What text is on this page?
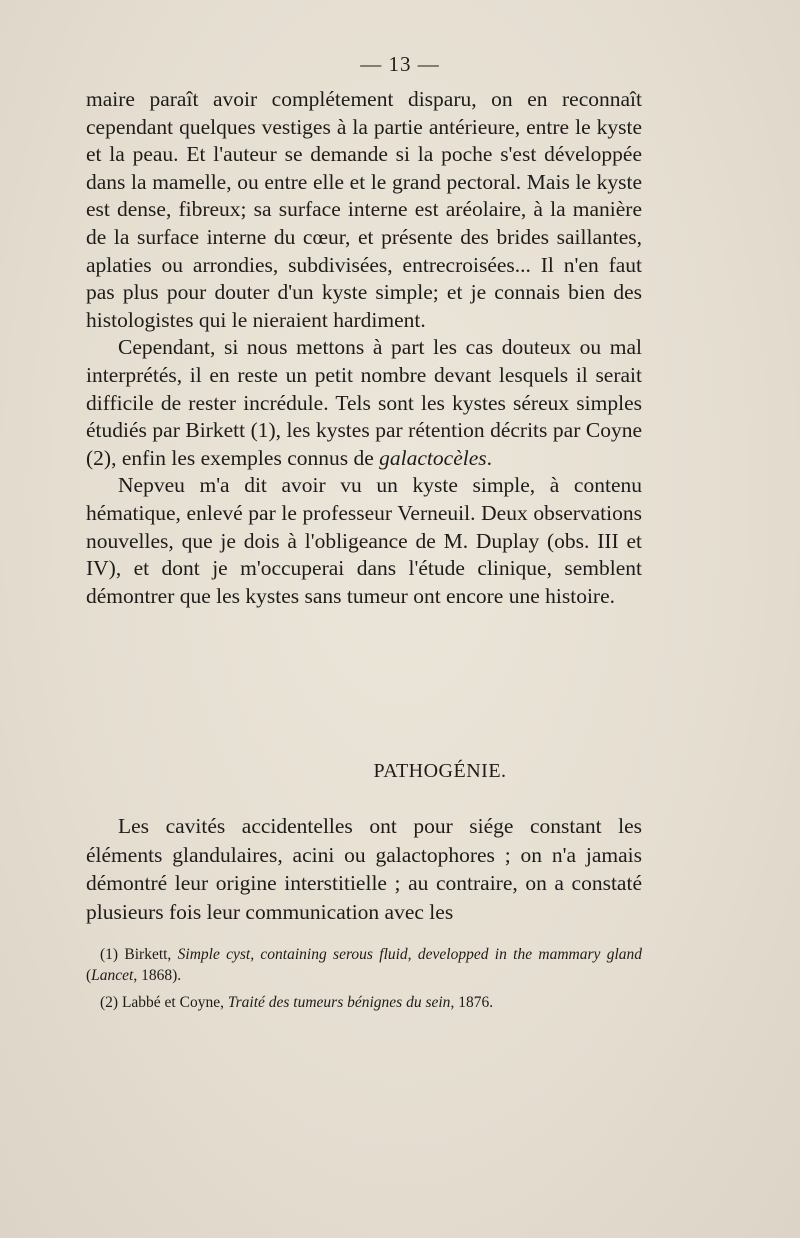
— 13 —

maire paraît avoir complétement disparu, on en reconnaît cependant quelques vestiges à la partie antérieure, entre le kyste et la peau. Et l'auteur se demande si la poche s'est développée dans la mamelle, ou entre elle et le grand pectoral. Mais le kyste est dense, fibreux; sa surface interne est aréolaire, à la manière de la surface interne du cœur, et présente des brides saillantes, aplaties ou arrondies, subdivisées, entrecroisées... Il n'en faut pas plus pour douter d'un kyste simple; et je connais bien des histologistes qui le nieraient hardiment.

Cependant, si nous mettons à part les cas douteux ou mal interprétés, il en reste un petit nombre devant lesquels il serait difficile de rester incrédule. Tels sont les kystes séreux simples étudiés par Birkett (1), les kystes par rétention décrits par Coyne (2), enfin les exemples connus de galactocèles.

Nepveu m'a dit avoir vu un kyste simple, à contenu hématique, enlevé par le professeur Verneuil. Deux observations nouvelles, que je dois à l'obligeance de M. Duplay (obs. III et IV), et dont je m'occuperai dans l'étude clinique, semblent démontrer que les kystes sans tumeur ont encore une histoire.

PATHOGÉNIE.

Les cavités accidentelles ont pour siége constant les éléments glandulaires, acini ou galactophores ; on n'a jamais démontré leur origine interstitielle ; au contraire, on a constaté plusieurs fois leur communication avec les

(1) Birkett, Simple cyst, containing serous fluid, developped in the mammary gland (Lancet, 1868).

(2) Labbé et Coyne, Traité des tumeurs bénignes du sein, 1876.
